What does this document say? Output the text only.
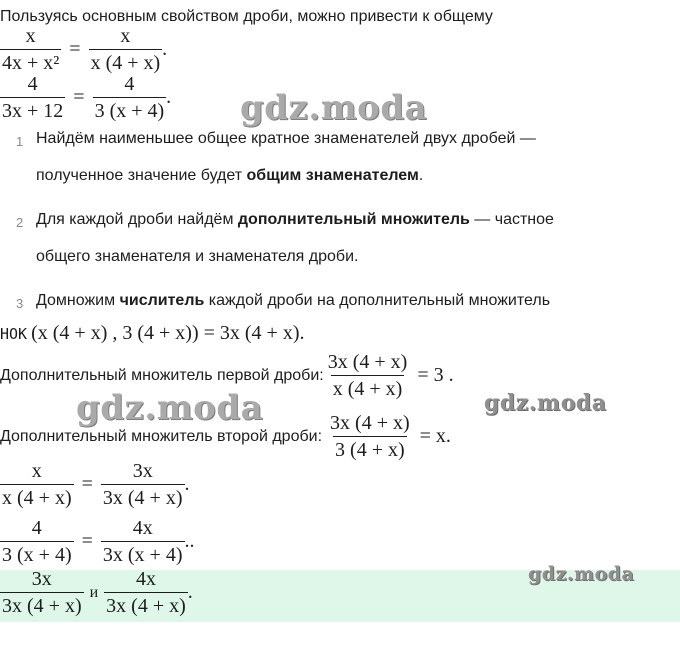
Пользуясь основным свойством дроби, можно привести к общему
$\frac{x}{\text{4x + x²}} = \frac{x}{x (4 + x)}$ .
$\frac{4}{3x + 12} = \frac{4}{3 (x + 4)}$ . gdz.moda
1 Найдём наименьшее общее кратное знаменателей двух дробей —
полученное значение будет общим знаменателем.
2 Для каждой дроби найдём дополнительный множитель — частное
общего знаменателя и знаменателя дроби.
3 Домножим числитель каждой дроби на дополнительный множитель
НОК (x (4 + x) , 3 (4 + x)) = 3x (4 + x).
Дополнительный множитель первой дроби: $\frac{3x (4 + x)}{x (4 + x)} = 3$ .
gdz.moda	gdz.moda
Дополнительный множитель второй дроби: $\frac{3x (4 + x)}{3 (4 + x)} = x$.
$\frac{x}{x (4 + x)} = \frac{3x}{3x (4 + x)}$ .
$\frac{4}{3 (x + 4)} = \frac{4x}{3x (x + 4)}$ ..
$\frac{3x}{3x (4 + x)}$ и $\frac{4x}{3x (4 + x)}$ .
gdz.moda
